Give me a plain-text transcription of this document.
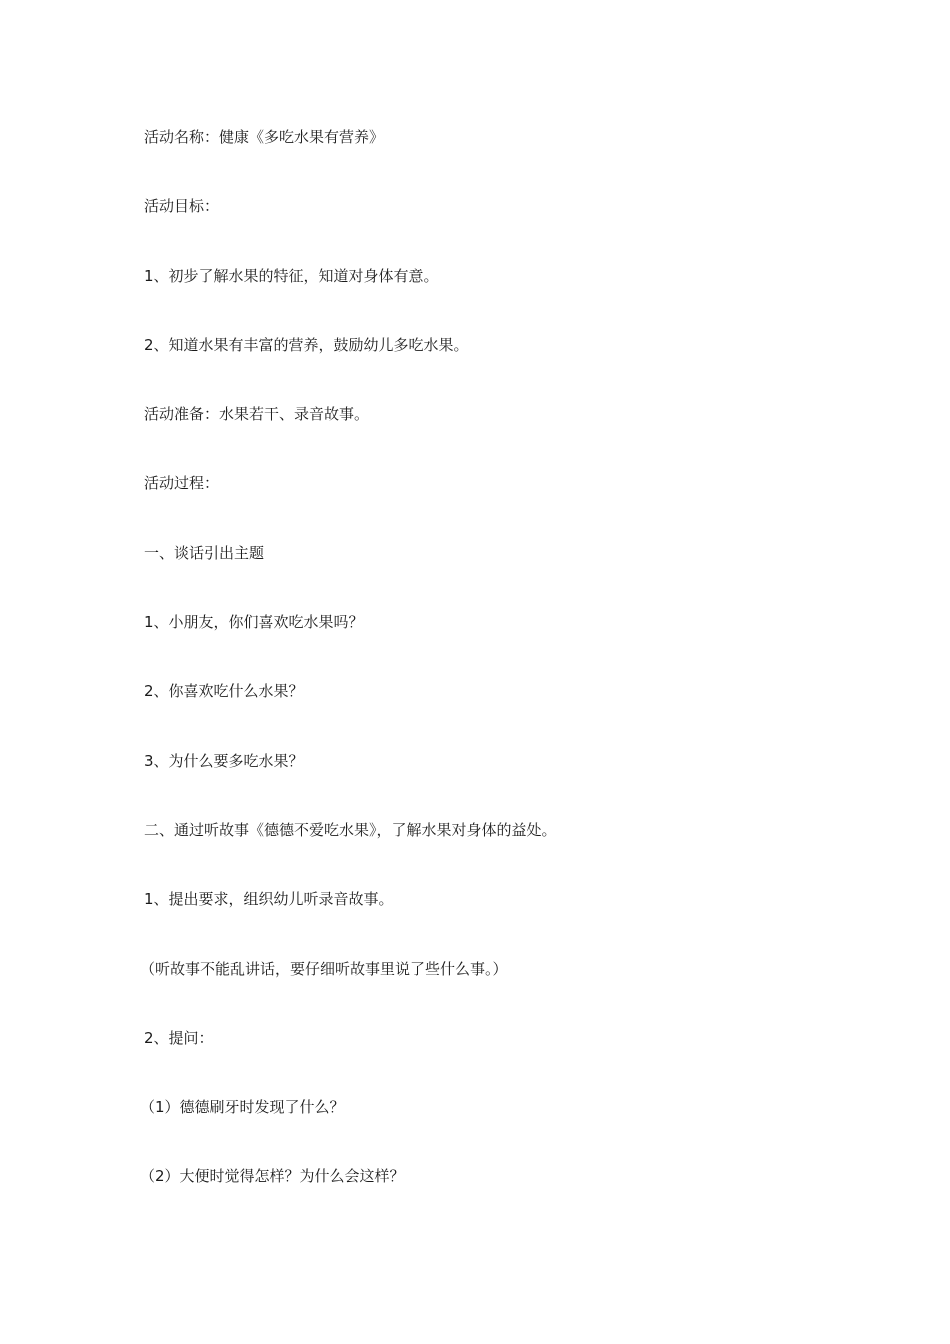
活动名称：健康《多吃水果有营养》

活动目标：

1、初步了解水果的特征，知道对身体有意。

2、知道水果有丰富的营养，鼓励幼儿多吃水果。

活动准备：水果若干、录音故事。

活动过程：

一、谈话引出主题

1、小朋友，你们喜欢吃水果吗？

2、你喜欢吃什么水果？

3、为什么要多吃水果？

二、通过听故事《德德不爱吃水果》，了解水果对身体的益处。

1、提出要求，组织幼儿听录音故事。

（听故事不能乱讲话，要仔细听故事里说了些什么事。）

2、提问：

（1）德德刷牙时发现了什么？

（2）大便时觉得怎样？为什么会这样？
